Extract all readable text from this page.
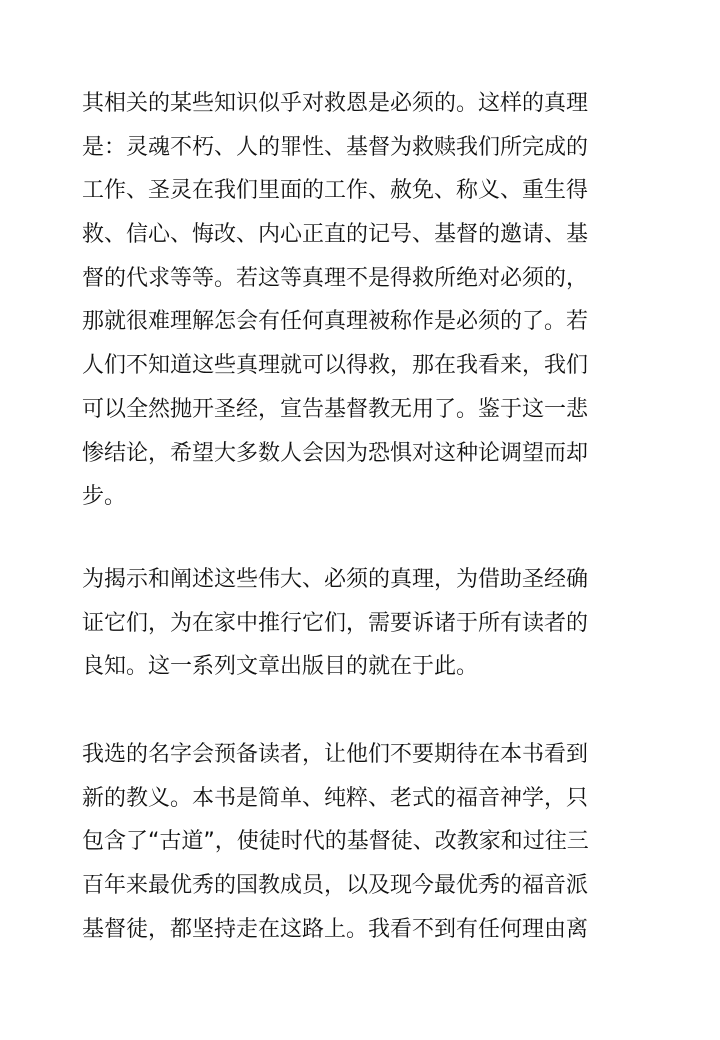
其相关的某些知识似乎对救恩是必须的。这样的真理
是：灵魂不朽、人的罪性、基督为救赎我们所完成的
工作、圣灵在我们里面的工作、赦免、称义、重生得
救、信心、悔改、内心正直的记号、基督的邀请、基
督的代求等等。若这等真理不是得救所绝对必须的，
那就很难理解怎会有任何真理被称作是必须的了。若
人们不知道这些真理就可以得救，那在我看来，我们
可以全然抛开圣经，宣告基督教无用了。鉴于这一悲
惨结论，希望大多数人会因为恐惧对这种论调望而却
步。
为揭示和阐述这些伟大、必须的真理，为借助圣经确
证它们，为在家中推行它们，需要诉诸于所有读者的
良知。这一系列文章出版目的就在于此。
我选的名字会预备读者，让他们不要期待在本书看到
新的教义。本书是简单、纯粹、老式的福音神学，只
包含了“古道”，使徒时代的基督徒、改教家和过往三
百年来最优秀的国教成员，以及现今最优秀的福音派
基督徒，都坚持走在这路上。我看不到有任何理由离
